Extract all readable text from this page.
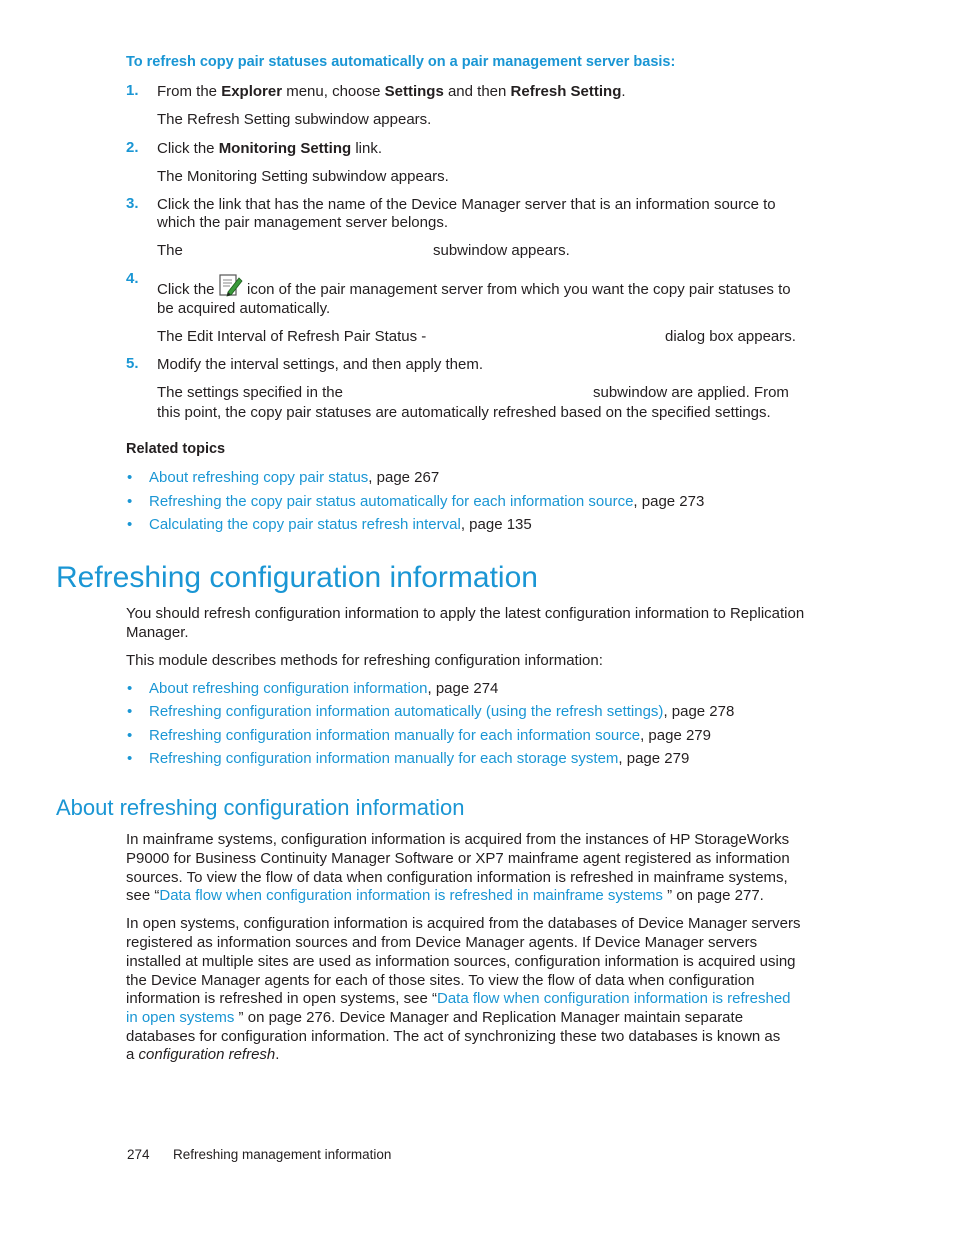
To refresh copy pair statuses automatically on a pair management server basis:
1. From the Explorer menu, choose Settings and then Refresh Setting.
The Refresh Setting subwindow appears.
2. Click the Monitoring Setting link.
The Monitoring Setting subwindow appears.
3. Click the link that has the name of the Device Manager server that is an information source to
which the pair management server belongs.
The	subwindow appears.
4.
Click the icon of the pair management server from which you want the copy pair statuses to
be acquired automatically.
The Edit Interval of Refresh Pair Status -	dialog box appears.
5. Modify the interval settings, and then apply them.
The settings specified in the	subwindow are applied. From
this point, the copy pair statuses are automatically refreshed based on the specified settings.
Related topics
• About refreshing copy pair status, page 267
• Refreshing the copy pair status automatically for each information source, page 273
• Calculating the copy pair status refresh interval, page 135
Refreshing configuration information
You should refresh configuration information to apply the latest configuration information to Replication
Manager.
This module describes methods for refreshing configuration information:
• About refreshing configuration information, page 274
• Refreshing configuration information automatically (using the refresh settings), page 278
• Refreshing configuration information manually for each information source, page 279
• Refreshing configuration information manually for each storage system, page 279
About refreshing configuration information
In mainframe systems, configuration information is acquired from the instances of HP StorageWorks
P9000 for Business Continuity Manager Software or XP7 mainframe agent registered as information
sources. To view the flow of data when configuration information is refreshed in mainframe systems,
see “Data flow when configuration information is refreshed in mainframe systems ” on page 277.
In open systems, configuration information is acquired from the databases of Device Manager servers
registered as information sources and from Device Manager agents. If Device Manager servers
installed at multiple sites are used as information sources, configuration information is acquired using
the Device Manager agents for each of those sites. To view the flow of data when configuration
information is refreshed in open systems, see “Data flow when configuration information is refreshed
in open systems ” on page 276. Device Manager and Replication Manager maintain separate
databases for configuration information. The act of synchronizing these two databases is known as
a configuration refresh.
274 Refreshing management information
